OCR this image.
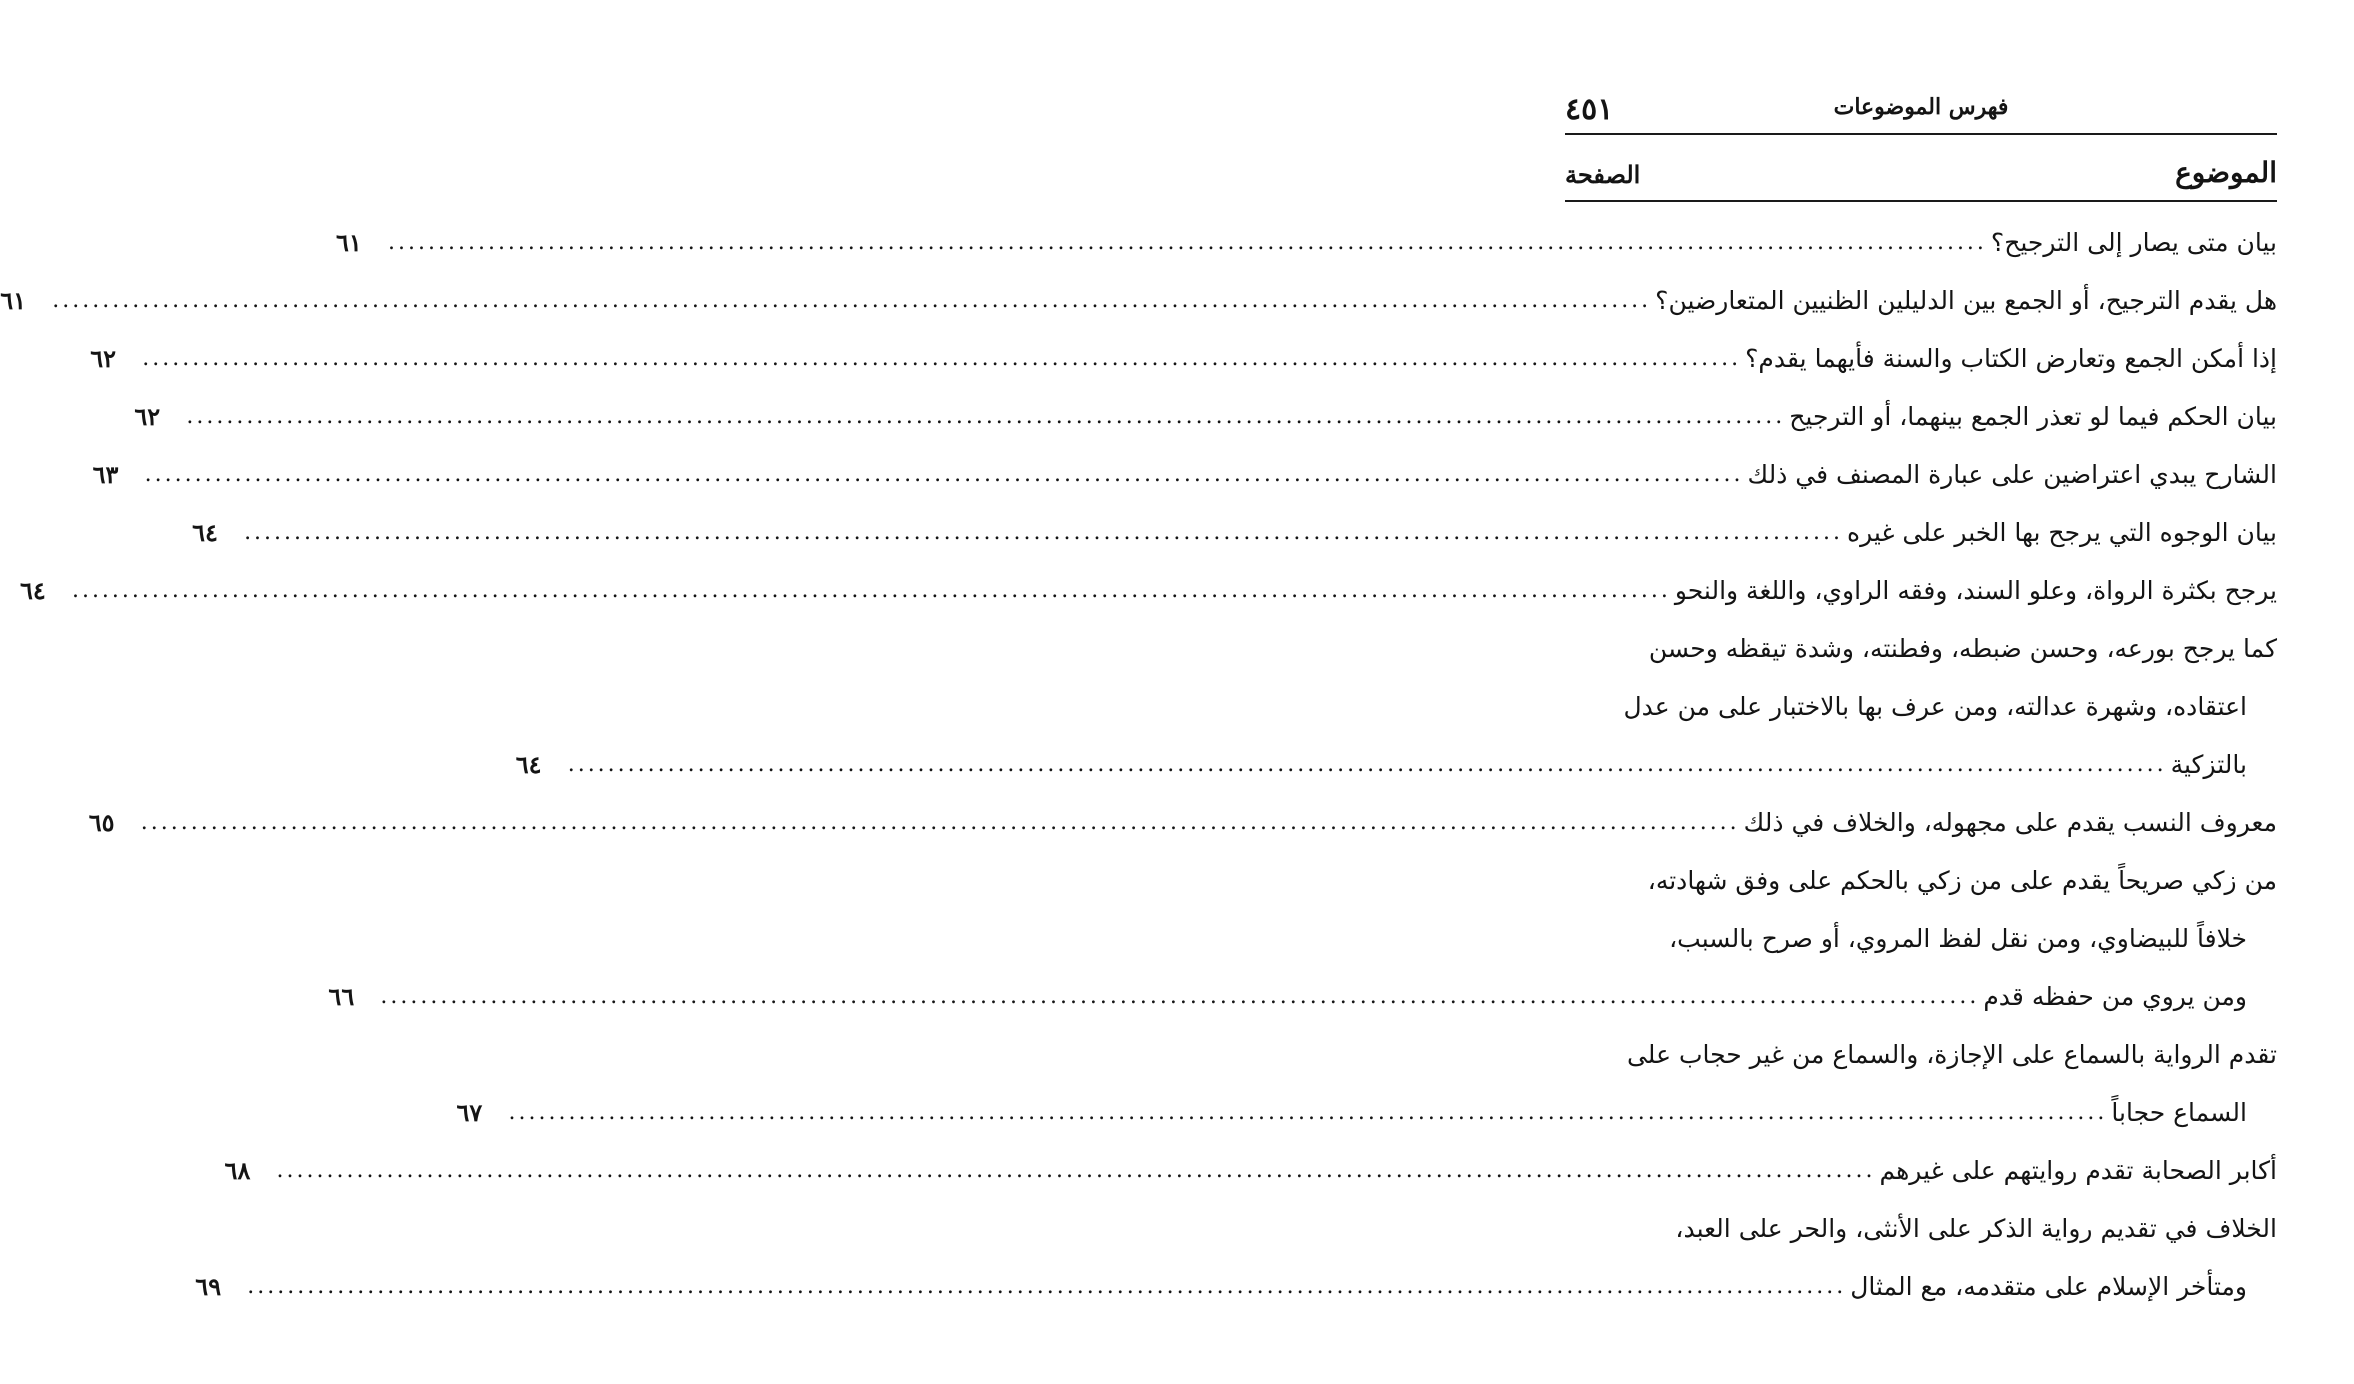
٤٥١	فهرس الموضوعات
الموضوع
الصفحة
بيان متى يصار إلى الترجيح؟
................................................................................................................................................................
٦١
هل يقدم الترجيح، أو الجمع بين الدليلين الظنيين المتعارضين؟
................................................................................................................................................................
٦١
إذا أمكن الجمع وتعارض الكتاب والسنة فأيهما يقدم؟
................................................................................................................................................................
٦٢
بيان الحكم فيما لو تعذر الجمع بينهما، أو الترجيح
................................................................................................................................................................
٦٢
الشارح يبدي اعتراضين على عبارة المصنف في ذلك
................................................................................................................................................................
٦٣
بيان الوجوه التي يرجح بها الخبر على غيره
................................................................................................................................................................
٦٤
يرجح بكثرة الرواة، وعلو السند، وفقه الراوي، واللغة والنحو
................................................................................................................................................................
٦٤
كما يرجح بورعه، وحسن ضبطه، وفطنته، وشدة تيقظه وحسن
اعتقاده، وشهرة عدالته، ومن عرف بها بالاختبار على من عدل
بالتزكية
................................................................................................................................................................
٦٤
معروف النسب يقدم على مجهوله، والخلاف في ذلك
................................................................................................................................................................
٦٥
من زكي صريحاً يقدم على من زكي بالحكم على وفق شهادته،
خلافاً للبيضاوي، ومن نقل لفظ المروي، أو صرح بالسبب،
ومن يروي من حفظه قدم
................................................................................................................................................................
٦٦
تقدم الرواية بالسماع على الإجازة، والسماع من غير حجاب على
السماع حجاباً
................................................................................................................................................................
٦٧
أكابر الصحابة تقدم روايتهم على غيرهم
................................................................................................................................................................
٦٨
الخلاف في تقديم رواية الذكر على الأنثى، والحر على العبد،
ومتأخر الإسلام على متقدمه، مع المثال
................................................................................................................................................................
٦٩
